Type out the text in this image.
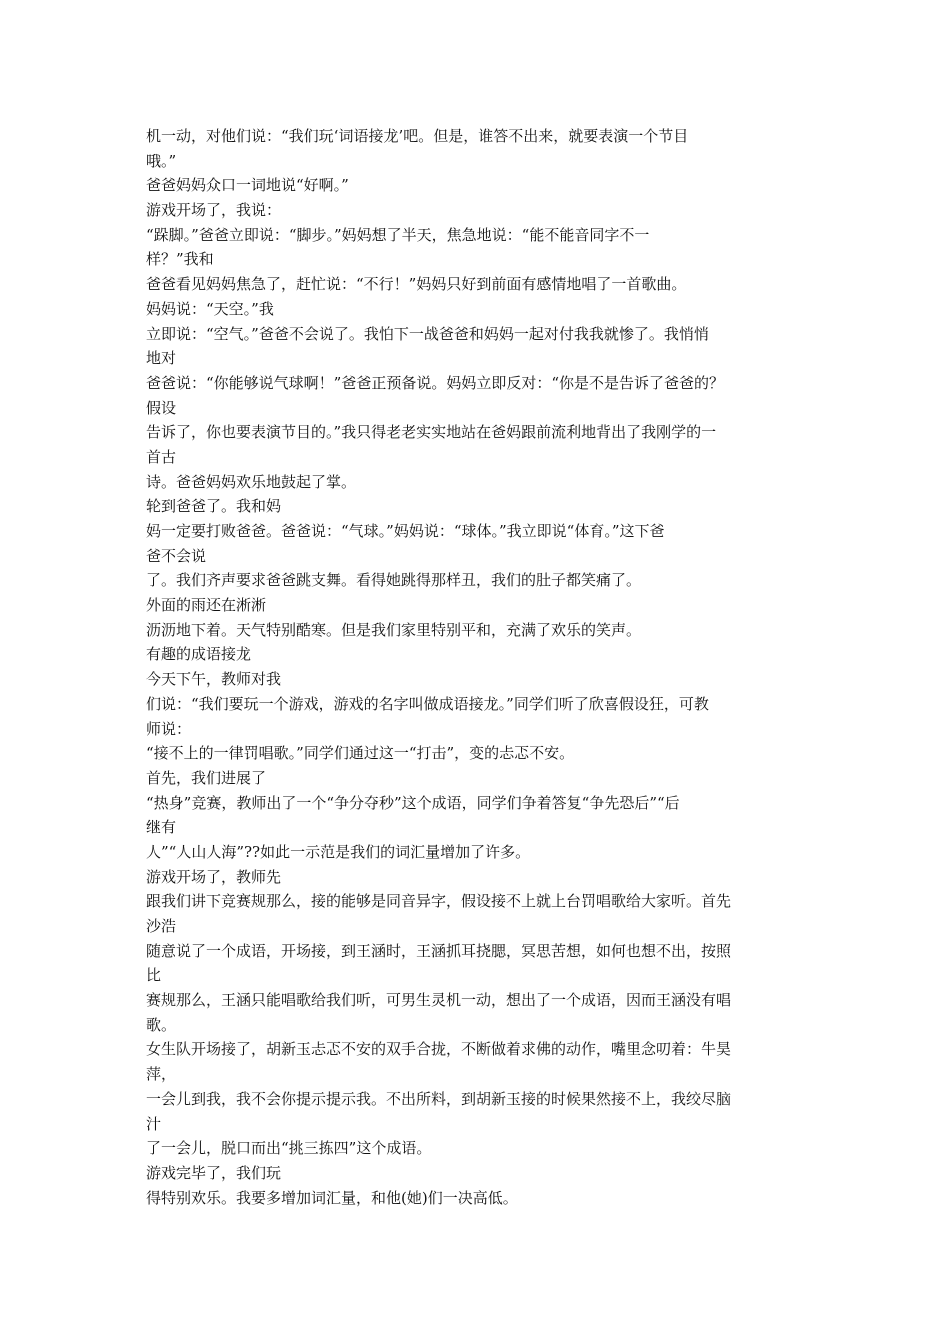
机一动，对他们说：“我们玩‘词语接龙’吧。但是，谁答不出来，就要表演一个节目
哦。”
爸爸妈妈众口一词地说“好啊。”
游戏开场了，我说：
“跺脚。”爸爸立即说：“脚步。”妈妈想了半天，焦急地说：“能不能音同字不一
样？”我和
爸爸看见妈妈焦急了，赶忙说：“不行！”妈妈只好到前面有感情地唱了一首歌曲。
妈妈说：“天空。”我
立即说：“空气。”爸爸不会说了。我怕下一战爸爸和妈妈一起对付我我就惨了。我悄悄
地对
爸爸说：“你能够说气球啊！”爸爸正预备说。妈妈立即反对：“你是不是告诉了爸爸的？
假设
告诉了，你也要表演节目的。”我只得老老实实地站在爸妈跟前流利地背出了我刚学的一
首古
诗。爸爸妈妈欢乐地鼓起了掌。
轮到爸爸了。我和妈
妈一定要打败爸爸。爸爸说：“气球。”妈妈说：“球体。”我立即说“体育。”这下爸
爸不会说
了。我们齐声要求爸爸跳支舞。看得她跳得那样丑，我们的肚子都笑痛了。
外面的雨还在淅淅
沥沥地下着。天气特别酷寒。但是我们家里特别平和，充满了欢乐的笑声。
有趣的成语接龙
今天下午，教师对我
们说：“我们要玩一个游戏，游戏的名字叫做成语接龙。”同学们听了欣喜假设狂，可教
师说：
“接不上的一律罚唱歌。”同学们通过这一“打击”，变的忐忑不安。
首先，我们进展了
“热身”竞赛，教师出了一个“争分夺秒”这个成语，同学们争着答复“争先恐后”“后
继有
人”“人山人海”??如此一示范是我们的词汇量增加了许多。
游戏开场了，教师先
跟我们讲下竞赛规那么，接的能够是同音异字，假设接不上就上台罚唱歌给大家听。首先
沙浩
随意说了一个成语，开场接，到王涵时，王涵抓耳挠腮，冥思苦想，如何也想不出，按照
比
赛规那么，王涵只能唱歌给我们听，可男生灵机一动，想出了一个成语，因而王涵没有唱
歌。
女生队开场接了，胡新玉忐忑不安的双手合拢，不断做着求佛的动作，嘴里念叨着：牛昊
萍，
一会儿到我，我不会你提示提示我。不出所料，到胡新玉接的时候果然接不上，我绞尽脑
汁
了一会儿，脱口而出“挑三拣四”这个成语。
游戏完毕了，我们玩
得特别欢乐。我要多增加词汇量，和他(她)们一决高低。
